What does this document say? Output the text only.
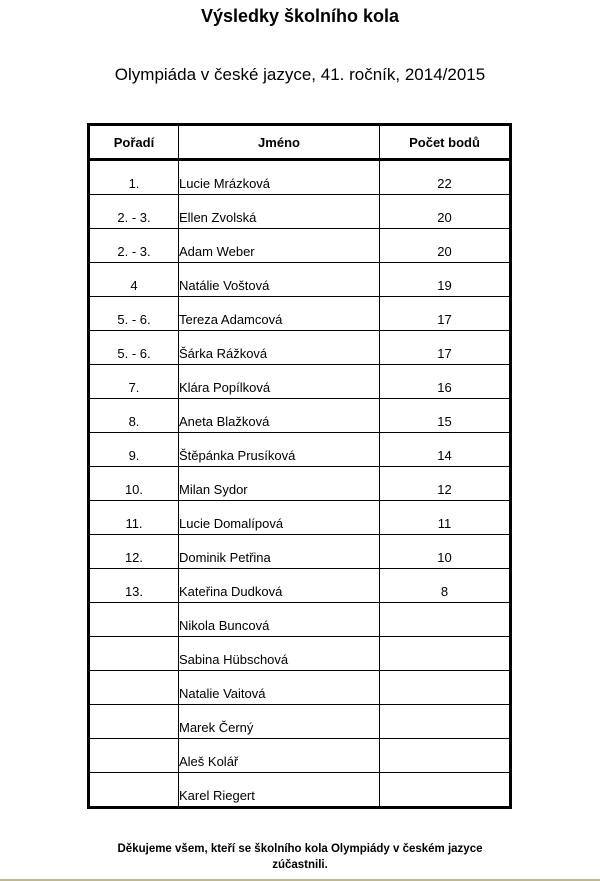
Výsledky školního kola
Olympiáda v české jazyce, 41. ročník, 2014/2015
Pořadí	Jméno	Počet bodů
1.	Lucie Mrázková	22
2. - 3.	Ellen Zvolská	20
2. - 3.	Adam Weber	20
4	Natálie Voštová	19
5. - 6.	Tereza Adamcová	17
5. - 6.	Šárka Rážková	17
7.	Klára Popílková	16
8.	Aneta Blažková	15
9.	Štěpánka Prusíková	14
10.	Milan Sydor	12
11.	Lucie Domalípová	11
12.	Dominik Petřina	10
13.	Kateřina Dudková	8
	Nikola Buncová	
	Sabina Hübschová	
	Natalie Vaitová	
	Marek Černý	
	Aleš Kolář	
	Karel Riegert	
Děkujeme všem, kteří se školního kola Olympiády v českém jazyce
zúčastnili.
